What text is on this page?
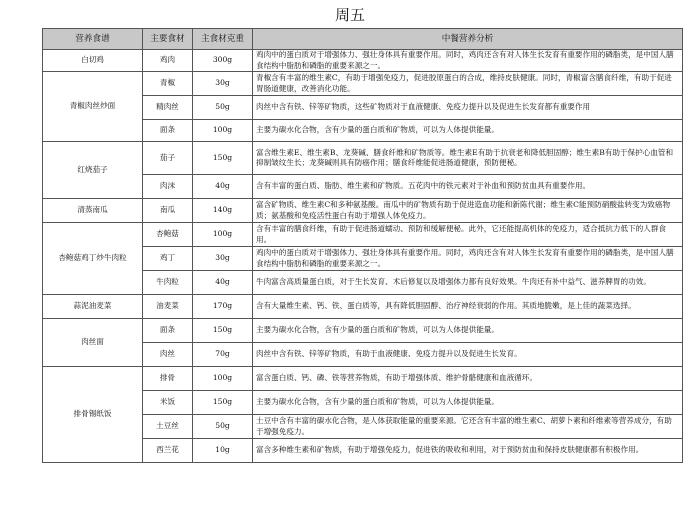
周五
营养食谱	主要食材	主食材克重	中餐营养分析
白切鸡	鸡肉	300g	鸡肉中的蛋白质对于增强体力、强壮身体具有重要作用。同时，鸡肉还含有对人体生长发育有重要作用的磷脂类，是中国人膳食结构中脂肪和磷脂的重要来源之一。
青椒肉丝炒面	青椒	30g	青椒含有丰富的维生素C，有助于增强免疫力，促进胶原蛋白的合成，维持皮肤健康。同时，青椒富含膳食纤维，有助于促进胃肠道健康，改善消化功能。
	精肉丝	50g	肉丝中含有铁、锌等矿物质，这些矿物质对于血液健康、免疫力提升以及促进生长发育都有重要作用
	面条	100g	主要为碳水化合物，含有少量的蛋白质和矿物质，可以为人体提供能量。
红烧茄子	茄子	150g	富含维生素E、维生素B、龙葵碱、膳食纤维和矿物质等。维生素E有助于抗衰老和降低胆固醇；维生素B有助于保护心血管和抑制皱纹生长；龙葵碱则具有防癌作用；膳食纤维能促进肠道健康，预防便秘。
	肉沫	40g	含有丰富的蛋白质、脂肪、维生素和矿物质。五花肉中的铁元素对于补血和预防贫血具有重要作用。
清蒸南瓜	南瓜	140g	富含矿物质、维生素C和多种氨基酸。南瓜中的矿物质有助于促进造血功能和新陈代谢；维生素C能预防硝酸盐转变为致癌物质；氨基酸和免疫活性蛋白有助于增强人体免疫力。
杏鲍菇鸡丁炒牛肉粒	杏鲍菇	100g	含有丰富的膳食纤维，有助于促进肠道蠕动、预防和缓解便秘。此外，它还能提高机体的免疫力，适合抵抗力低下的人群食用。
	鸡丁	30g	鸡肉中的蛋白质对于增强体力、强壮身体具有重要作用。同时，鸡肉还含有对人体生长发育有重要作用的磷脂类，是中国人膳食结构中脂肪和磷脂的重要来源之一。
	牛肉粒	40g	牛肉富含高质量蛋白质，对于生长发育、术后修复以及增强体力都有良好效果。牛肉还有补中益气、滋养脾胃的功效。
蒜泥油麦菜	油麦菜	170g	含有大量维生素、钙、铁、蛋白质等，具有降低胆固醇、治疗神经衰弱的作用。其质地脆嫩，是上佳的蔬菜选择。
肉丝面	面条	150g	主要为碳水化合物，含有少量的蛋白质和矿物质，可以为人体提供能量。
	肉丝	70g	肉丝中含有铁、锌等矿物质，有助于血液健康、免疫力提升以及促进生长发育。
排骨锡纸饭	排骨	100g	富含蛋白质、钙、磷、铁等营养物质，有助于增强体质、维护骨骼健康和血液循环。
	米饭	150g	主要为碳水化合物，含有少量的蛋白质和矿物质，可以为人体提供能量。
	土豆丝	50g	土豆中含有丰富的碳水化合物，是人体获取能量的重要来源。它还含有丰富的维生素C、胡萝卜素和纤维素等营养成分，有助于增强免疫力。
	西兰花	10g	富含多种维生素和矿物质，有助于增强免疫力，促进铁的吸收和利用，对于预防贫血和保持皮肤健康都有积极作用。
